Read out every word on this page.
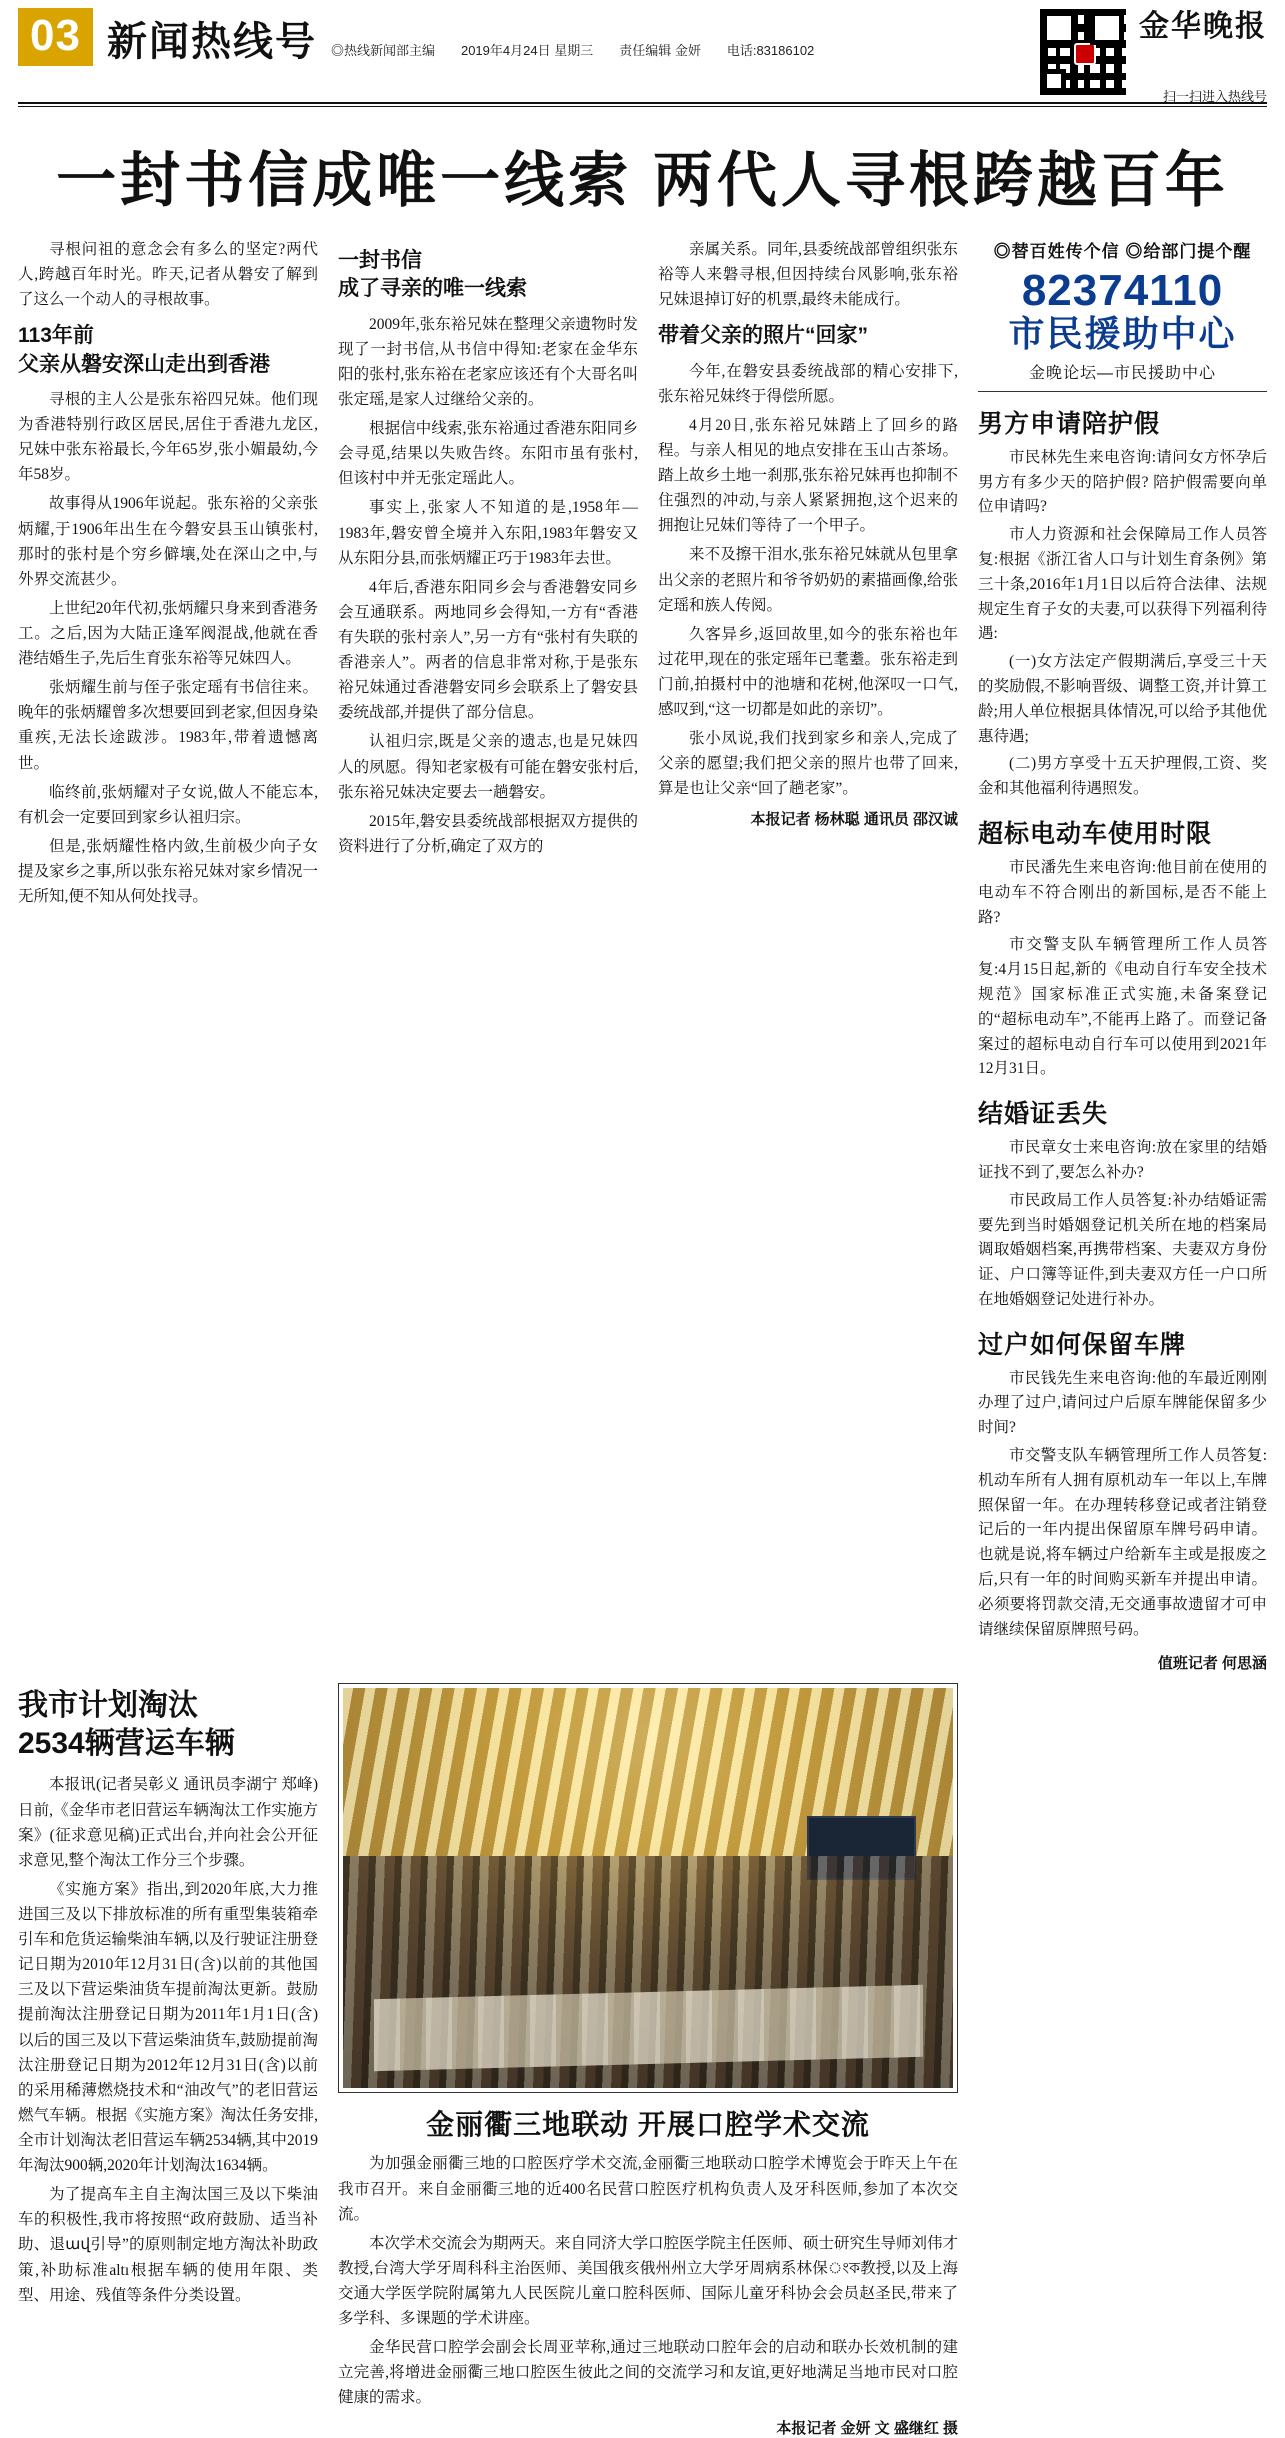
03 新闻热线号 ◎热线新闻部主编 2019年4月24日 星期三 责任编辑 金妍 电话:83186102
金华晚报
扫一扫进入热线号
一封书信成唯一线索 两代人寻根跨越百年

寻根问祖的意念会有多么的坚定?两代人,跨越百年时光。昨天,记者从磐安了解到了这么一个动人的寻根故事。

113年前
父亲从磐安深山走出到香港

寻根的主人公是张东裕四兄妹。他们现为香港特别行政区居民,居住于香港九龙区,兄妹中张东裕最长,今年65岁,张小媚最幼,今年58岁。

故事得从1906年说起。张东裕的父亲张炳耀,于1906年出生在今磐安县玉山镇张村,那时的张村是个穷乡僻壤,处在深山之中,与外界交流甚少。

上世纪20年代初,张炳耀只身来到香港务工。之后,因为大陆正逢军阀混战,他就在香港结婚生子,先后生育张东裕等兄妹四人。

张炳耀生前与侄子张定瑶有书信往来。晚年的张炳耀曾多次想要回到老家,但因身染重疾,无法长途跋涉。1983年,带着遗憾离世。

临终前,张炳耀对子女说,做人不能忘本,有机会一定要回到家乡认祖归宗。

但是,张炳耀性格内敛,生前极少向子女提及家乡之事,所以张东裕兄妹对家乡情况一无所知,便不知从何处找寻。

一封书信
成了寻亲的唯一线索

2009年,张东裕兄妹在整理父亲遗物时发现了一封书信,从书信中得知:老家在金华东阳的张村,张东裕在老家应该还有个大哥名叫张定瑶,是家人过继给父亲的。

根据信中线索,张东裕通过香港东阳同乡会寻觅,结果以失败告终。东阳市虽有张村,但该村中并无张定瑶此人。

事实上,张家人不知道的是,1958年—1983年,磐安曾全境并入东阳,1983年磐安又从东阳分县,而张炳耀正巧于1983年去世。

4年后,香港东阳同乡会与香港磐安同乡会互通联系。两地同乡会得知,一方有“香港有失联的张村亲人”,另一方有“张村有失联的香港亲人”。两者的信息非常对称,于是张东裕兄妹通过香港磐安同乡会联系上了磐安县委统战部,并提供了部分信息。

认祖归宗,既是父亲的遗志,也是兄妹四人的夙愿。得知老家极有可能在磐安张村后,张东裕兄妹决定要去一趟磐安。

2015年,磐安县委统战部根据双方提供的资料进行了分析,确定了双方的

亲属关系。同年,县委统战部曾组织张东裕等人来磐寻根,但因持续台风影响,张东裕兄妹退掉订好的机票,最终未能成行。

带着父亲的照片“回家”

今年,在磐安县委统战部的精心安排下,张东裕兄妹终于得偿所愿。

4月20日,张东裕兄妹踏上了回乡的路程。与亲人相见的地点安排在玉山古茶场。踏上故乡土地一刹那,张东裕兄妹再也抑制不住强烈的冲动,与亲人紧紧拥抱,这个迟来的拥抱让兄妹们等待了一个甲子。

来不及擦干泪水,张东裕兄妹就从包里拿出父亲的老照片和爷爷奶奶的素描画像,给张定瑶和族人传阅。

久客异乡,返回故里,如今的张东裕也年过花甲,现在的张定瑶年已耄耋。张东裕走到门前,拍摄村中的池塘和花树,他深叹一口气,感叹到,“这一切都是如此的亲切”。

张小凤说,我们找到家乡和亲人,完成了父亲的愿望;我们把父亲的照片也带了回来,算是也让父亲“回了趟老家”。

本报记者 杨林聪 通讯员 邵汉诚
◎替百姓传个信 ◎给部门提个醒
82374110
市民援助中心
金晚论坛—市民援助中心
男方申请陪护假

市民林先生来电咨询:请问女方怀孕后男方有多少天的陪护假? 陪护假需要向单位申请吗?

市人力资源和社会保障局工作人员答复:根据《浙江省人口与计划生育条例》第三十条,2016年1月1日以后符合法律、法规规定生育子女的夫妻,可以获得下列福利待遇:

(一)女方法定产假期满后,享受三十天的奖励假,不影响晋级、调整工资,并计算工龄;用人单位根据具体情况,可以给予其他优惠待遇;

(二)男方享受十五天护理假,工资、奖金和其他福利待遇照发。

超标电动车使用时限

市民潘先生来电咨询:他目前在使用的电动车不符合刚出的新国标,是否不能上路?

市交警支队车辆管理所工作人员答复:4月15日起,新的《电动自行车安全技术规范》国家标准正式实施,未备案登记的“超标电动车”,不能再上路了。而登记备案过的超标电动自行车可以使用到2021年12月31日。

结婚证丢失

市民章女士来电咨询:放在家里的结婚证找不到了,要怎么补办?

市民政局工作人员答复:补办结婚证需要先到当时婚姻登记机关所在地的档案局调取婚姻档案,再携带档案、夫妻双方身份证、户口簿等证件,到夫妻双方任一户口所在地婚姻登记处进行补办。

过户如何保留车牌

市民钱先生来电咨询:他的车最近刚刚办理了过户,请问过户后原车牌能保留多少时间?

市交警支队车辆管理所工作人员答复:机动车所有人拥有原机动车一年以上,车牌照保留一年。在办理转移登记或者注销登记后的一年内提出保留原车牌号码申请。也就是说,将车辆过户给新车主或是报废之后,只有一年的时间购买新车并提出申请。必须要将罚款交清,无交通事故遗留才可申请继续保留原牌照号码。

值班记者 何思涵
我市计划淘汰
2534辆营运车辆

本报讯(记者吴彰义 通讯员李湖宁 郑峰)日前,《金华市老旧营运车辆淘汰工作实施方案》(征求意见稿)正式出台,并向社会公开征求意见,整个淘汰工作分三个步骤。

《实施方案》指出,到2020年底,大力推进国三及以下排放标准的所有重型集装箱牵引车和危货运输柴油车辆,以及行驶证注册登记日期为2010年12月31日(含)以前的其他国三及以下营运柴油货车提前淘汰更新。鼓励提前淘汰注册登记日期为2011年1月1日(含)以后的国三及以下营运柴油货车,鼓励提前淘汰注册登记日期为2012年12月31日(含)以前的采用稀薄燃烧技术和“油改气”的老旧营运燃气车辆。根据《实施方案》淘汰任务安排,全市计划淘汰老旧营运车辆2534辆,其中2019年淘汰900辆,2020年计划淘汰1634辆。

为了提高车主自主淘汰国三及以下柴油车的积极性,我市将按照“政府鼓励、适当补助、退ավ引导”的原则制定地方淘汰补助政策,补助标准altı根据车辆的使用年限、类型、用途、残值等条件分类设置。

金丽衢三地联动 开展口腔学术交流

为加强金丽衢三地的口腔医疗学术交流,金丽衢三地联动口腔学术博览会于昨天上午在我市召开。来自金丽衢三地的近400名民营口腔医疗机构负责人及牙科医师,参加了本次交流。

本次学术交流会为期两天。来自同济大学口腔医学院主任医师、硕士研究生导师刘伟才教授,台湾大学牙周科科主治医师、美国俄亥俄州州立大学牙周病系林保ংক教授,以及上海交通大学医学院附属第九人民医院儿童口腔科医师、国际儿童牙科协会会员赵圣民,带来了多学科、多课题的学术讲座。

金华民营口腔学会副会长周亚苹称,通过三地联动口腔年会的启动和联办长效机制的建立完善,将增进金丽衢三地口腔医生彼此之间的交流学习和友谊,更好地满足当地市民对口腔健康的需求。

本报记者 金妍 文 盛继红 摄
